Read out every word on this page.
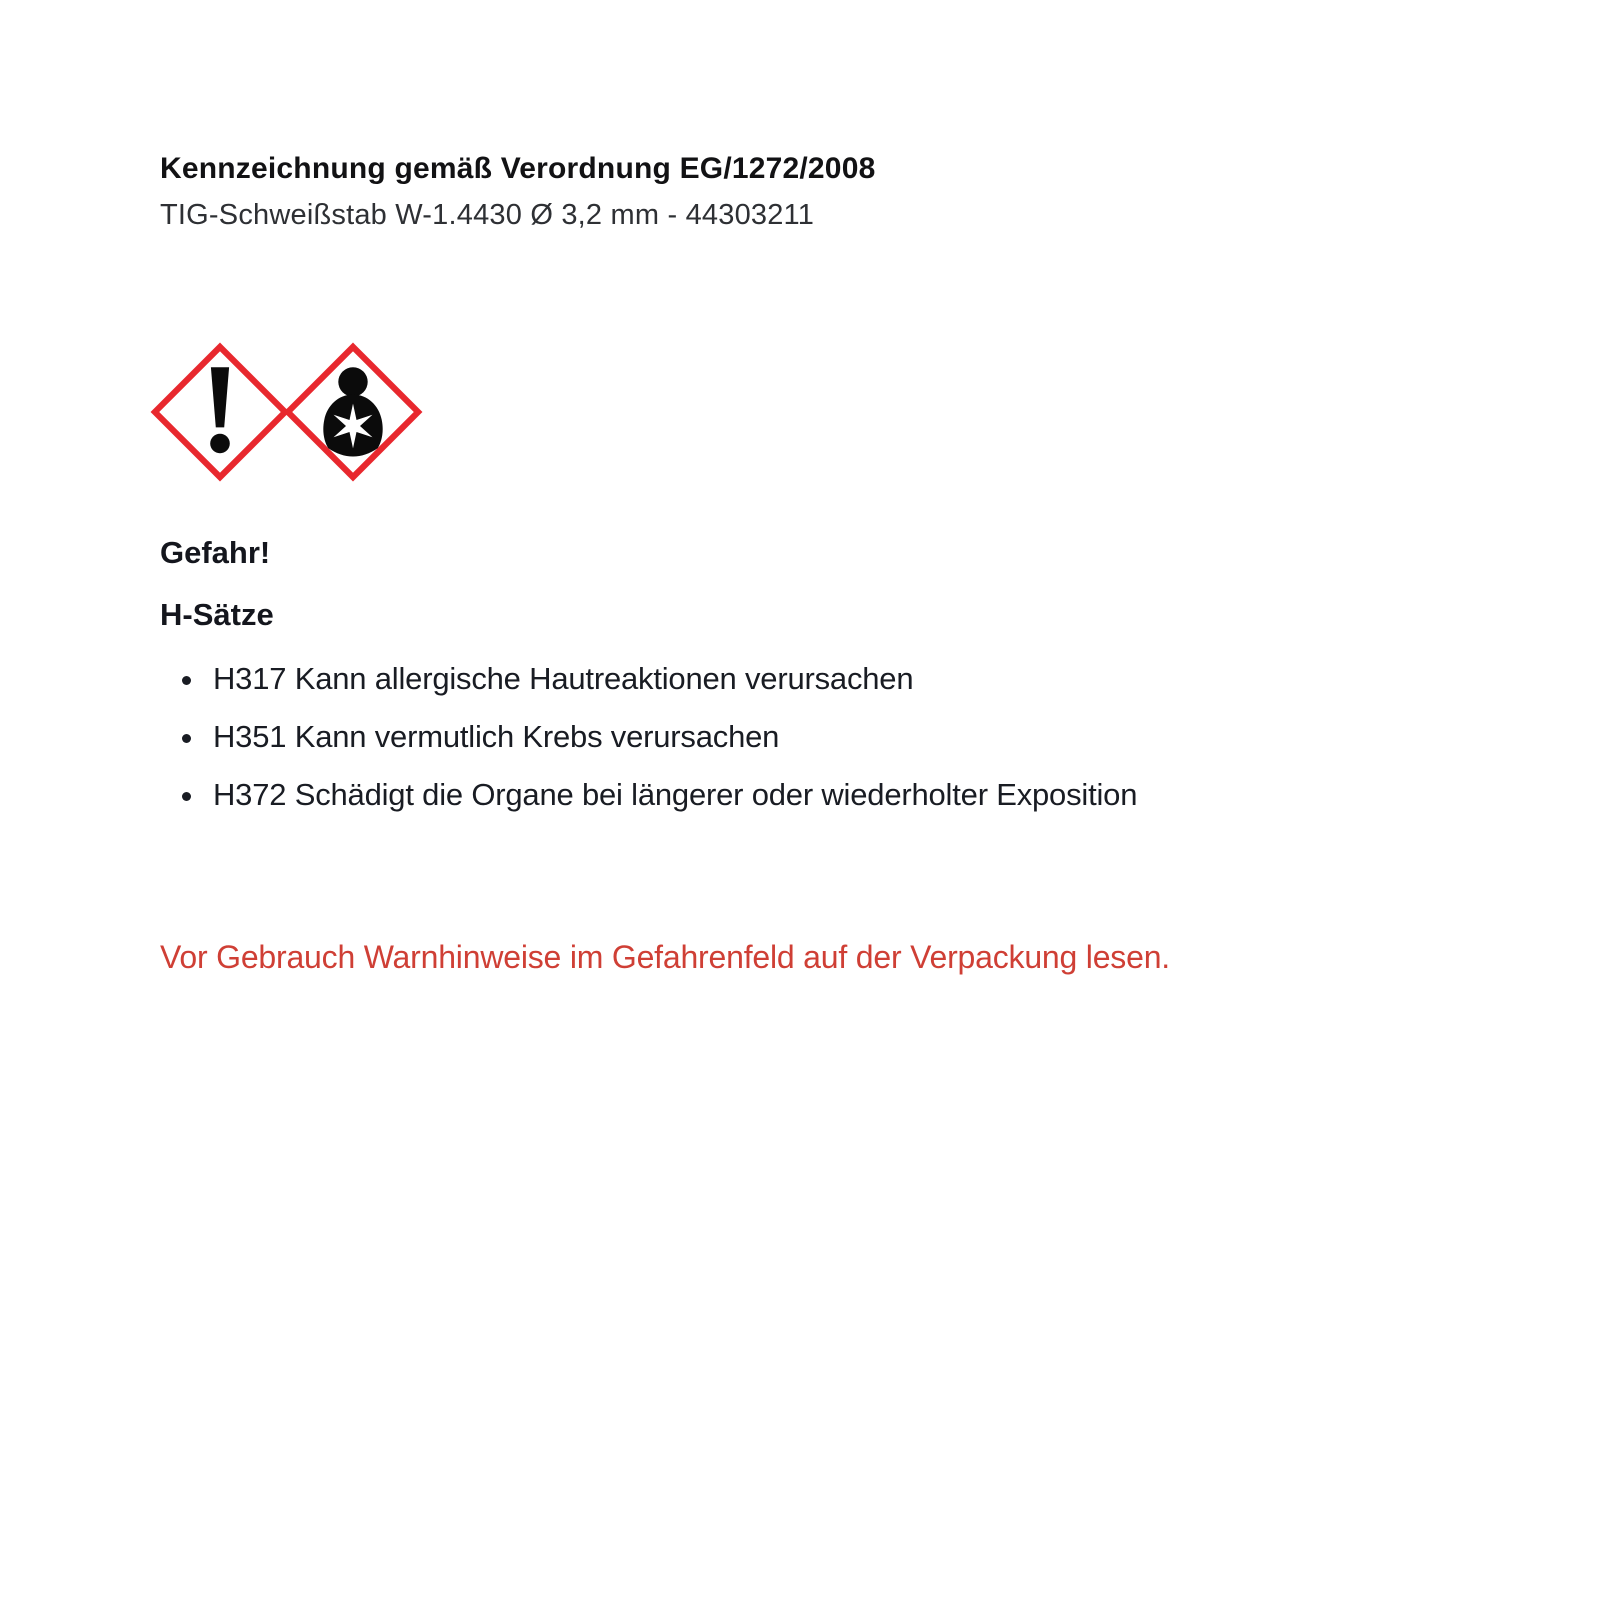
Kennzeichnung gemäß Verordnung EG/1272/2008
TIG-Schweißstab W-1.4430 Ø 3,2 mm - 44303211
Gefahr!
H-Sätze
• H317 Kann allergische Hautreaktionen verursachen
• H351 Kann vermutlich Krebs verursachen
• H372 Schädigt die Organe bei längerer oder wiederholter Exposition

Vor Gebrauch Warnhinweise im Gefahrenfeld auf der Verpackung lesen.
